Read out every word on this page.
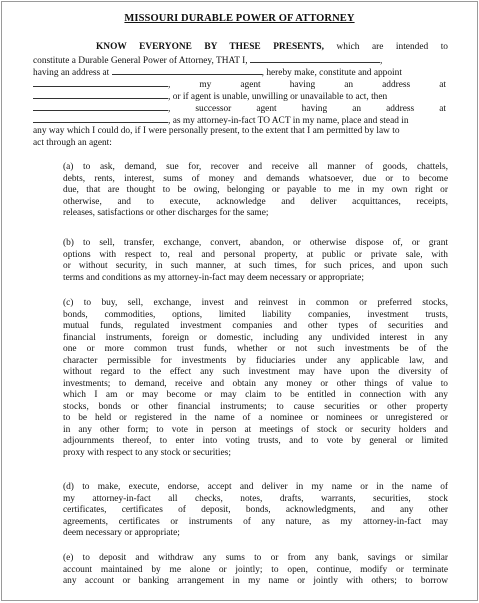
MISSOURI DURABLE POWER OF ATTORNEY
KNOW EVERYONE BY THESE PRESENTS, which are intended to
constitute a Durable General Power of Attorney, THAT I,	,
having an address at	, hereby make, constitute and appoint
, my agent having an address at
, or if agent is unable, unwilling or unavailable to act, then
, successor agent having an address at
, as my attorney-in-fact TO ACT in my name, place and stead in
any way which I could do, if I were personally present, to the extent that I am permitted by law to
act through an agent:
(a) to ask, demand, sue for, recover and receive all manner of goods, chattels,
debts, rents, interest, sums of money and demands whatsoever, due or to become
due, that are thought to be owing, belonging or payable to me in my own right or
otherwise, and to execute, acknowledge and deliver acquittances, receipts,
releases, satisfactions or other discharges for the same;
(b) to sell, transfer, exchange, convert, abandon, or otherwise dispose of, or grant
options with respect to, real and personal property, at public or private sale, with
or without security, in such manner, at such times, for such prices, and upon such
terms and conditions as my attorney-in-fact may deem necessary or appropriate;
(c) to buy, sell, exchange, invest and reinvest in common or preferred stocks,
bonds, commodities, options, limited liability companies, investment trusts,
mutual funds, regulated investment companies and other types of securities and
financial instruments, foreign or domestic, including any undivided interest in any
one or more common trust funds, whether or not such investments be of the
character permissible for investments by fiduciaries under any applicable law, and
without regard to the effect any such investment may have upon the diversity of
investments; to demand, receive and obtain any money or other things of value to
which I am or may become or may claim to be entitled in connection with any
stocks, bonds or other financial instruments; to cause securities or other property
to be held or registered in the name of a nominee or nominees or unregistered or
in any other form; to vote in person at meetings of stock or security holders and
adjournments thereof, to enter into voting trusts, and to vote by general or limited
proxy with respect to any stock or securities;
(d) to make, execute, endorse, accept and deliver in my name or in the name of
my attorney-in-fact all checks, notes, drafts, warrants, securities, stock
certificates, certificates of deposit, bonds, acknowledgments, and any other
agreements, certificates or instruments of any nature, as my attorney-in-fact may
deem necessary or appropriate;
(e) to deposit and withdraw any sums to or from any bank, savings or similar
account maintained by me alone or jointly; to open, continue, modify or terminate
any account or banking arrangement in my name or jointly with others; to borrow
